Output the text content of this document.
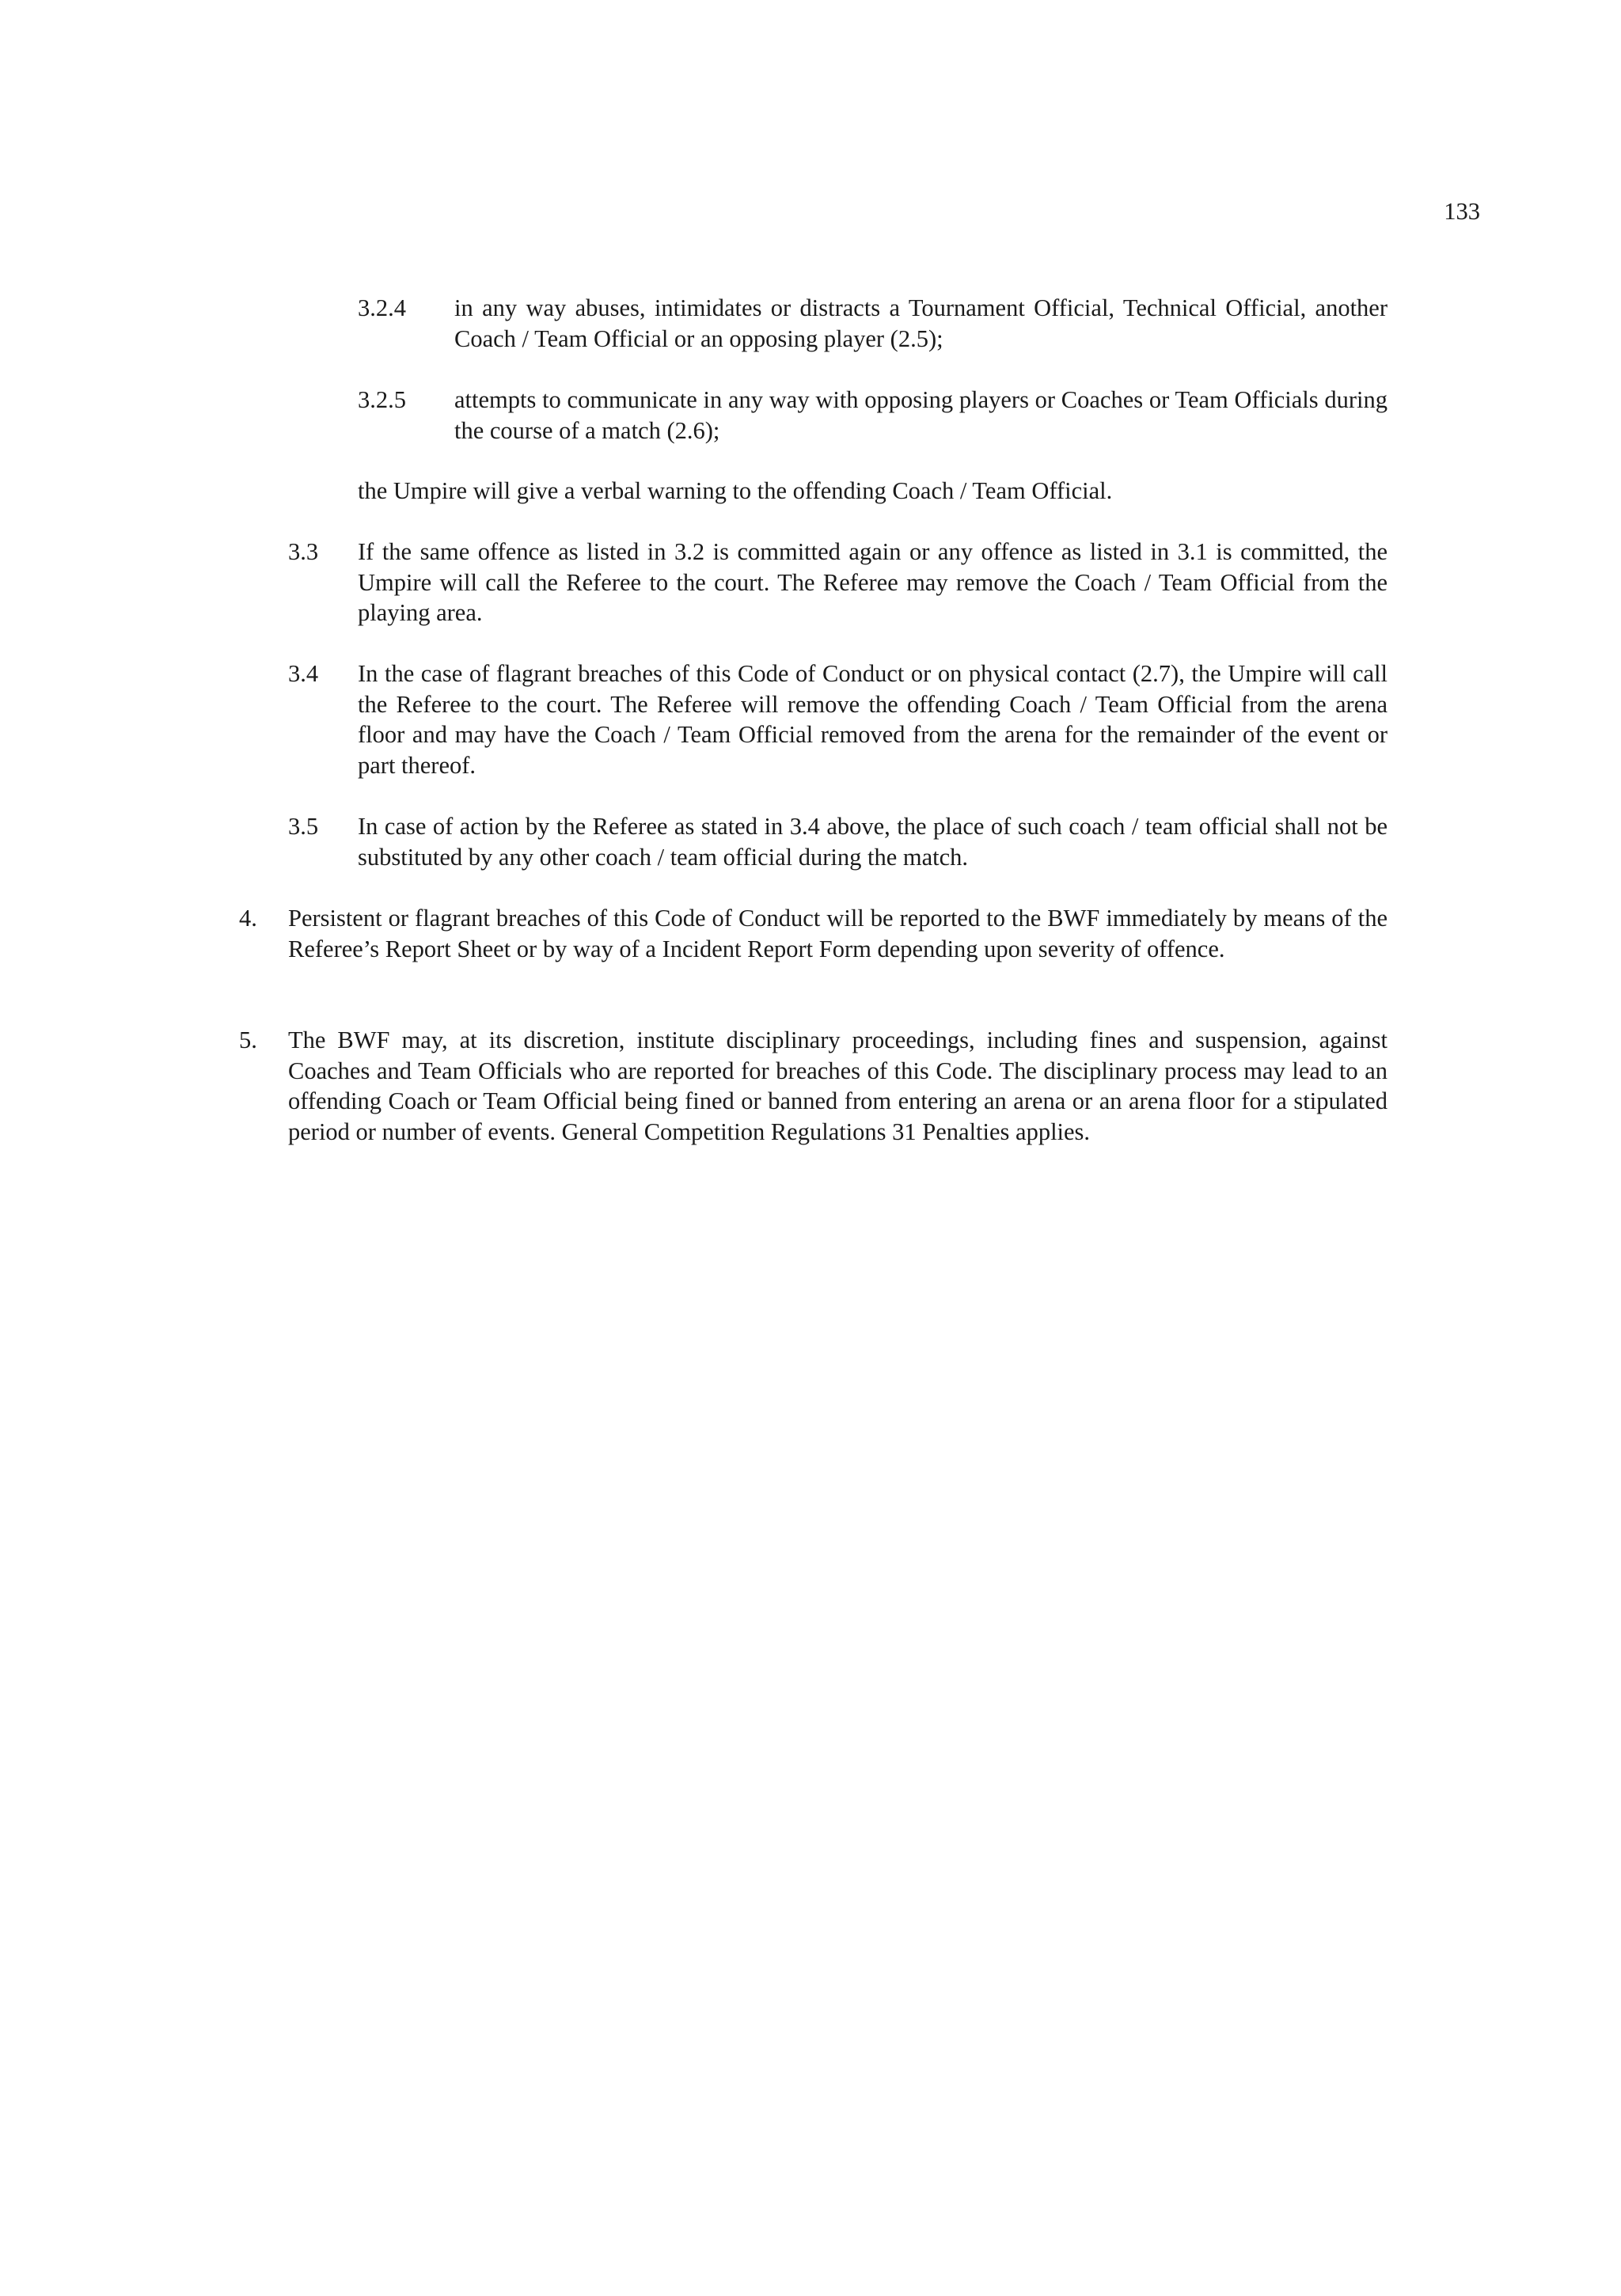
133
3.2.4 in any way abuses, intimidates or distracts a Tournament Official, Technical Official, another Coach / Team Official or an opposing player (2.5);
3.2.5 attempts to communicate in any way with opposing players or Coaches or Team Officials during the course of a match (2.6);
the Umpire will give a verbal warning to the offending Coach / Team Official.
3.3 If the same offence as listed in 3.2 is committed again or any offence as listed in 3.1 is committed, the Umpire will call the Referee to the court. The Referee may remove the Coach / Team Official from the playing area.
3.4 In the case of flagrant breaches of this Code of Conduct or on physical contact (2.7), the Umpire will call the Referee to the court. The Referee will remove the offending Coach / Team Official from the arena floor and may have the Coach / Team Official removed from the arena for the remainder of the event or part thereof.
3.5 In case of action by the Referee as stated in 3.4 above, the place of such coach / team official shall not be substituted by any other coach / team official during the match.
4. Persistent or flagrant breaches of this Code of Conduct will be reported to the BWF immediately by means of the Referee’s Report Sheet or by way of a Incident Report Form depending upon severity of offence.
5. The BWF may, at its discretion, institute disciplinary proceedings, including fines and suspension, against Coaches and Team Officials who are reported for breaches of this Code. The disciplinary process may lead to an offending Coach or Team Official being fined or banned from entering an arena or an arena floor for a stipulated period or number of events. General Competition Regulations 31 Penalties applies.
